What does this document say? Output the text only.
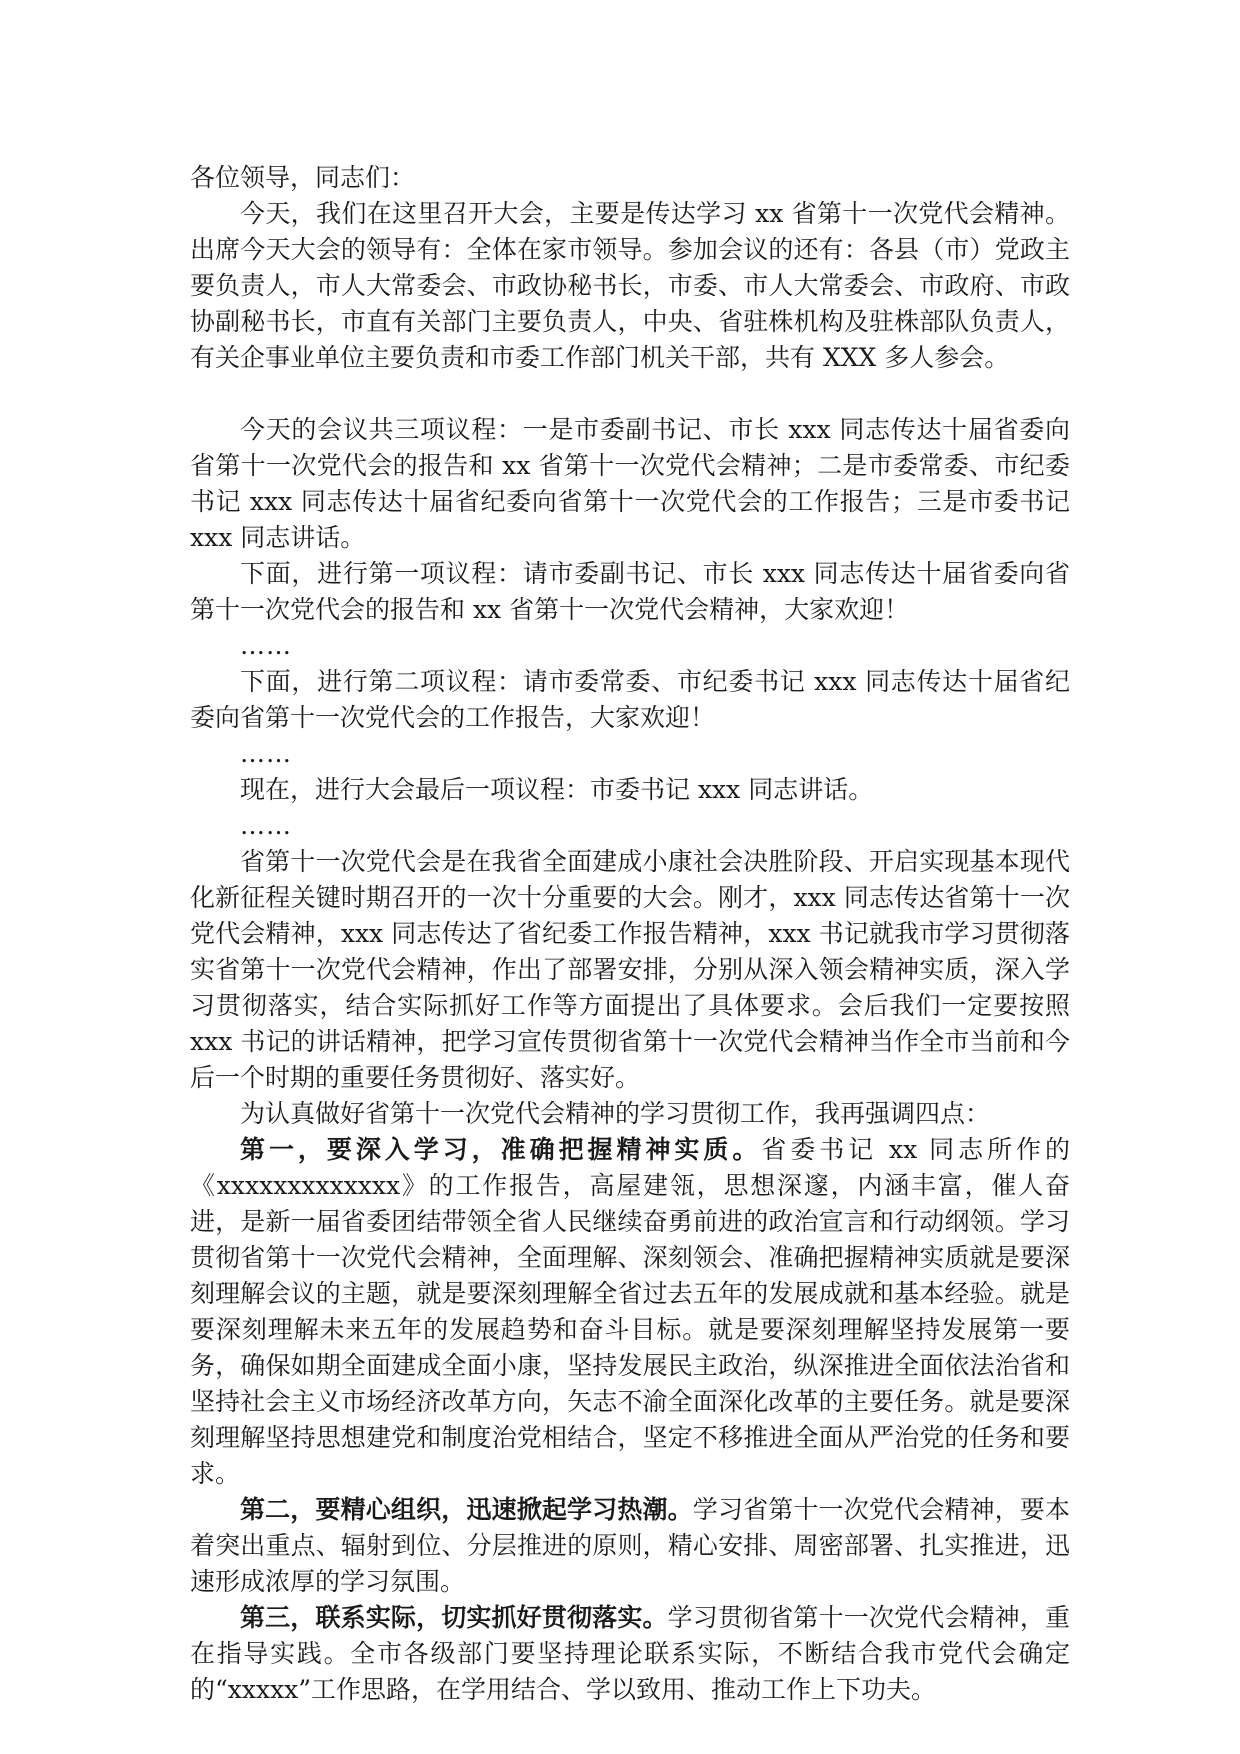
各位领导，同志们：

今天，我们在这里召开大会，主要是传达学习 xx 省第十一次党代会精神。出席今天大会的领导有：全体在家市领导。参加会议的还有：各县（市）党政主要负责人，市人大常委会、市政协秘书长，市委、市人大常委会、市政府、市政协副秘书长，市直有关部门主要负责人，中央、省驻株机构及驻株部队负责人，有关企事业单位主要负责和市委工作部门机关干部，共有 XXX 多人参会。

今天的会议共三项议程：一是市委副书记、市长 xxx 同志传达十届省委向省第十一次党代会的报告和 xx 省第十一次党代会精神；二是市委常委、市纪委书记 xxx 同志传达十届省纪委向省第十一次党代会的工作报告；三是市委书记 xxx 同志讲话。

下面，进行第一项议程：请市委副书记、市长 xxx 同志传达十届省委向省第十一次党代会的报告和 xx 省第十一次党代会精神，大家欢迎！

……

下面，进行第二项议程：请市委常委、市纪委书记 xxx 同志传达十届省纪委向省第十一次党代会的工作报告，大家欢迎！

……

现在，进行大会最后一项议程：市委书记 xxx 同志讲话。

……

省第十一次党代会是在我省全面建成小康社会决胜阶段、开启实现基本现代化新征程关键时期召开的一次十分重要的大会。刚才，xxx 同志传达省第十一次党代会精神，xxx 同志传达了省纪委工作报告精神，xxx 书记就我市学习贯彻落实省第十一次党代会精神，作出了部署安排，分别从深入领会精神实质，深入学习贯彻落实，结合实际抓好工作等方面提出了具体要求。会后我们一定要按照 xxx 书记的讲话精神，把学习宣传贯彻省第十一次党代会精神当作全市当前和今后一个时期的重要任务贯彻好、落实好。

为认真做好省第十一次党代会精神的学习贯彻工作，我再强调四点：

第一，要深入学习，准确把握精神实质。省委书记 xx 同志所作的《xxxxxxxxxxxxx》的工作报告，高屋建瓴，思想深邃，内涵丰富，催人奋进，是新一届省委团结带领全省人民继续奋勇前进的政治宣言和行动纲领。学习贯彻省第十一次党代会精神，全面理解、深刻领会、准确把握精神实质就是要深刻理解会议的主题，就是要深刻理解全省过去五年的发展成就和基本经验。就是要深刻理解未来五年的发展趋势和奋斗目标。就是要深刻理解坚持发展第一要务，确保如期全面建成全面小康，坚持发展民主政治，纵深推进全面依法治省和坚持社会主义市场经济改革方向，矢志不渝全面深化改革的主要任务。就是要深刻理解坚持思想建党和制度治党相结合，坚定不移推进全面从严治党的任务和要求。

第二，要精心组织，迅速掀起学习热潮。学习省第十一次党代会精神，要本着突出重点、辐射到位、分层推进的原则，精心安排、周密部署、扎实推进，迅速形成浓厚的学习氛围。

第三，联系实际，切实抓好贯彻落实。学习贯彻省第十一次党代会精神，重在指导实践。全市各级部门要坚持理论联系实际，不断结合我市党代会确定的“xxxxx”工作思路，在学用结合、学以致用、推动工作上下功夫。
